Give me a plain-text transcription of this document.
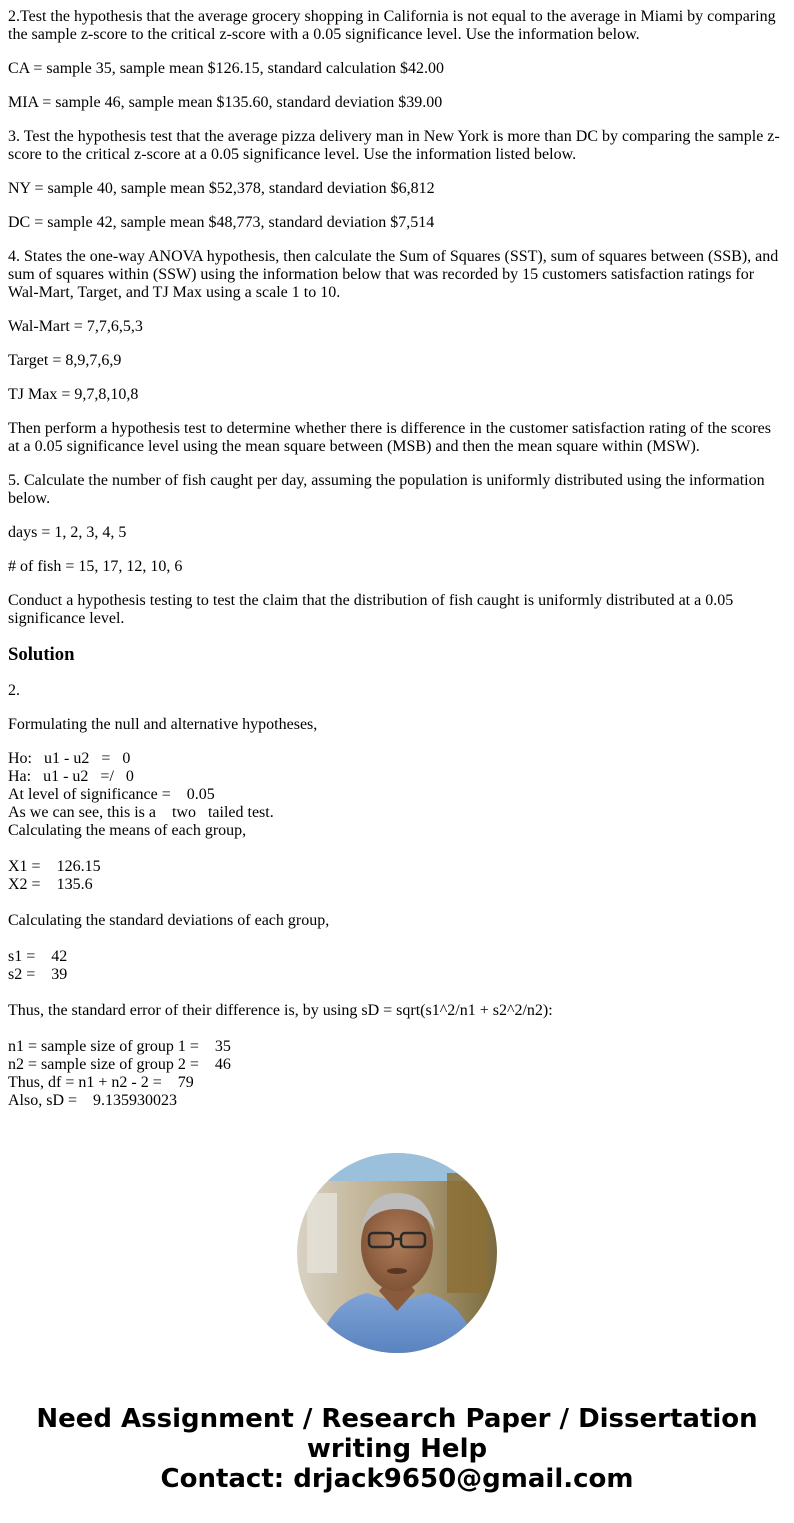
2.Test the hypothesis that the average grocery shopping in California is not equal to the average in Miami by comparing the sample z-score to the critical z-score with a 0.05 significance level. Use the information below.

CA = sample 35, sample mean $126.15, standard calculation $42.00

MIA = sample 46, sample mean $135.60, standard deviation $39.00

3. Test the hypothesis test that the average pizza delivery man in New York is more than DC by comparing the sample z-score to the critical z-score at a 0.05 significance level. Use the information listed below.

NY = sample 40, sample mean $52,378, standard deviation $6,812

DC = sample 42, sample mean $48,773, standard deviation $7,514

4. States the one-way ANOVA hypothesis, then calculate the Sum of Squares (SST), sum of squares between (SSB), and sum of squares within (SSW) using the information below that was recorded by 15 customers satisfaction ratings for Wal-Mart, Target, and TJ Max using a scale 1 to 10.

Wal-Mart = 7,7,6,5,3

Target = 8,9,7,6,9

TJ Max = 9,7,8,10,8

Then perform a hypothesis test to determine whether there is difference in the customer satisfaction rating of the scores at a 0.05 significance level using the mean square between (MSB) and then the mean square within (MSW).

5. Calculate the number of fish caught per day, assuming the population is uniformly distributed using the information below.

days = 1, 2, 3, 4, 5

# of fish = 15, 17, 12, 10, 6

Conduct a hypothesis testing to test the claim that the distribution of fish caught is uniformly distributed at a 0.05 significance level.

Solution

2.

Formulating the null and alternative hypotheses,

Ho:   u1 - u2   =   0
Ha:   u1 - u2   =/   0
At level of significance =    0.05
As we can see, this is a    two   tailed test.
Calculating the means of each group,
X1 =    126.15
X2 =    135.6
Calculating the standard deviations of each group,
s1 =    42
s2 =    39
Thus, the standard error of their difference is, by using sD = sqrt(s1^2/n1 + s2^2/n2):
n1 = sample size of group 1 =    35
n2 = sample size of group 2 =    46
Thus, df = n1 + n2 - 2 =    79
Also, sD =    9.135930023
Need Assignment / Research Paper / Dissertation
writing Help
Contact: drjack9650@gmail.com
